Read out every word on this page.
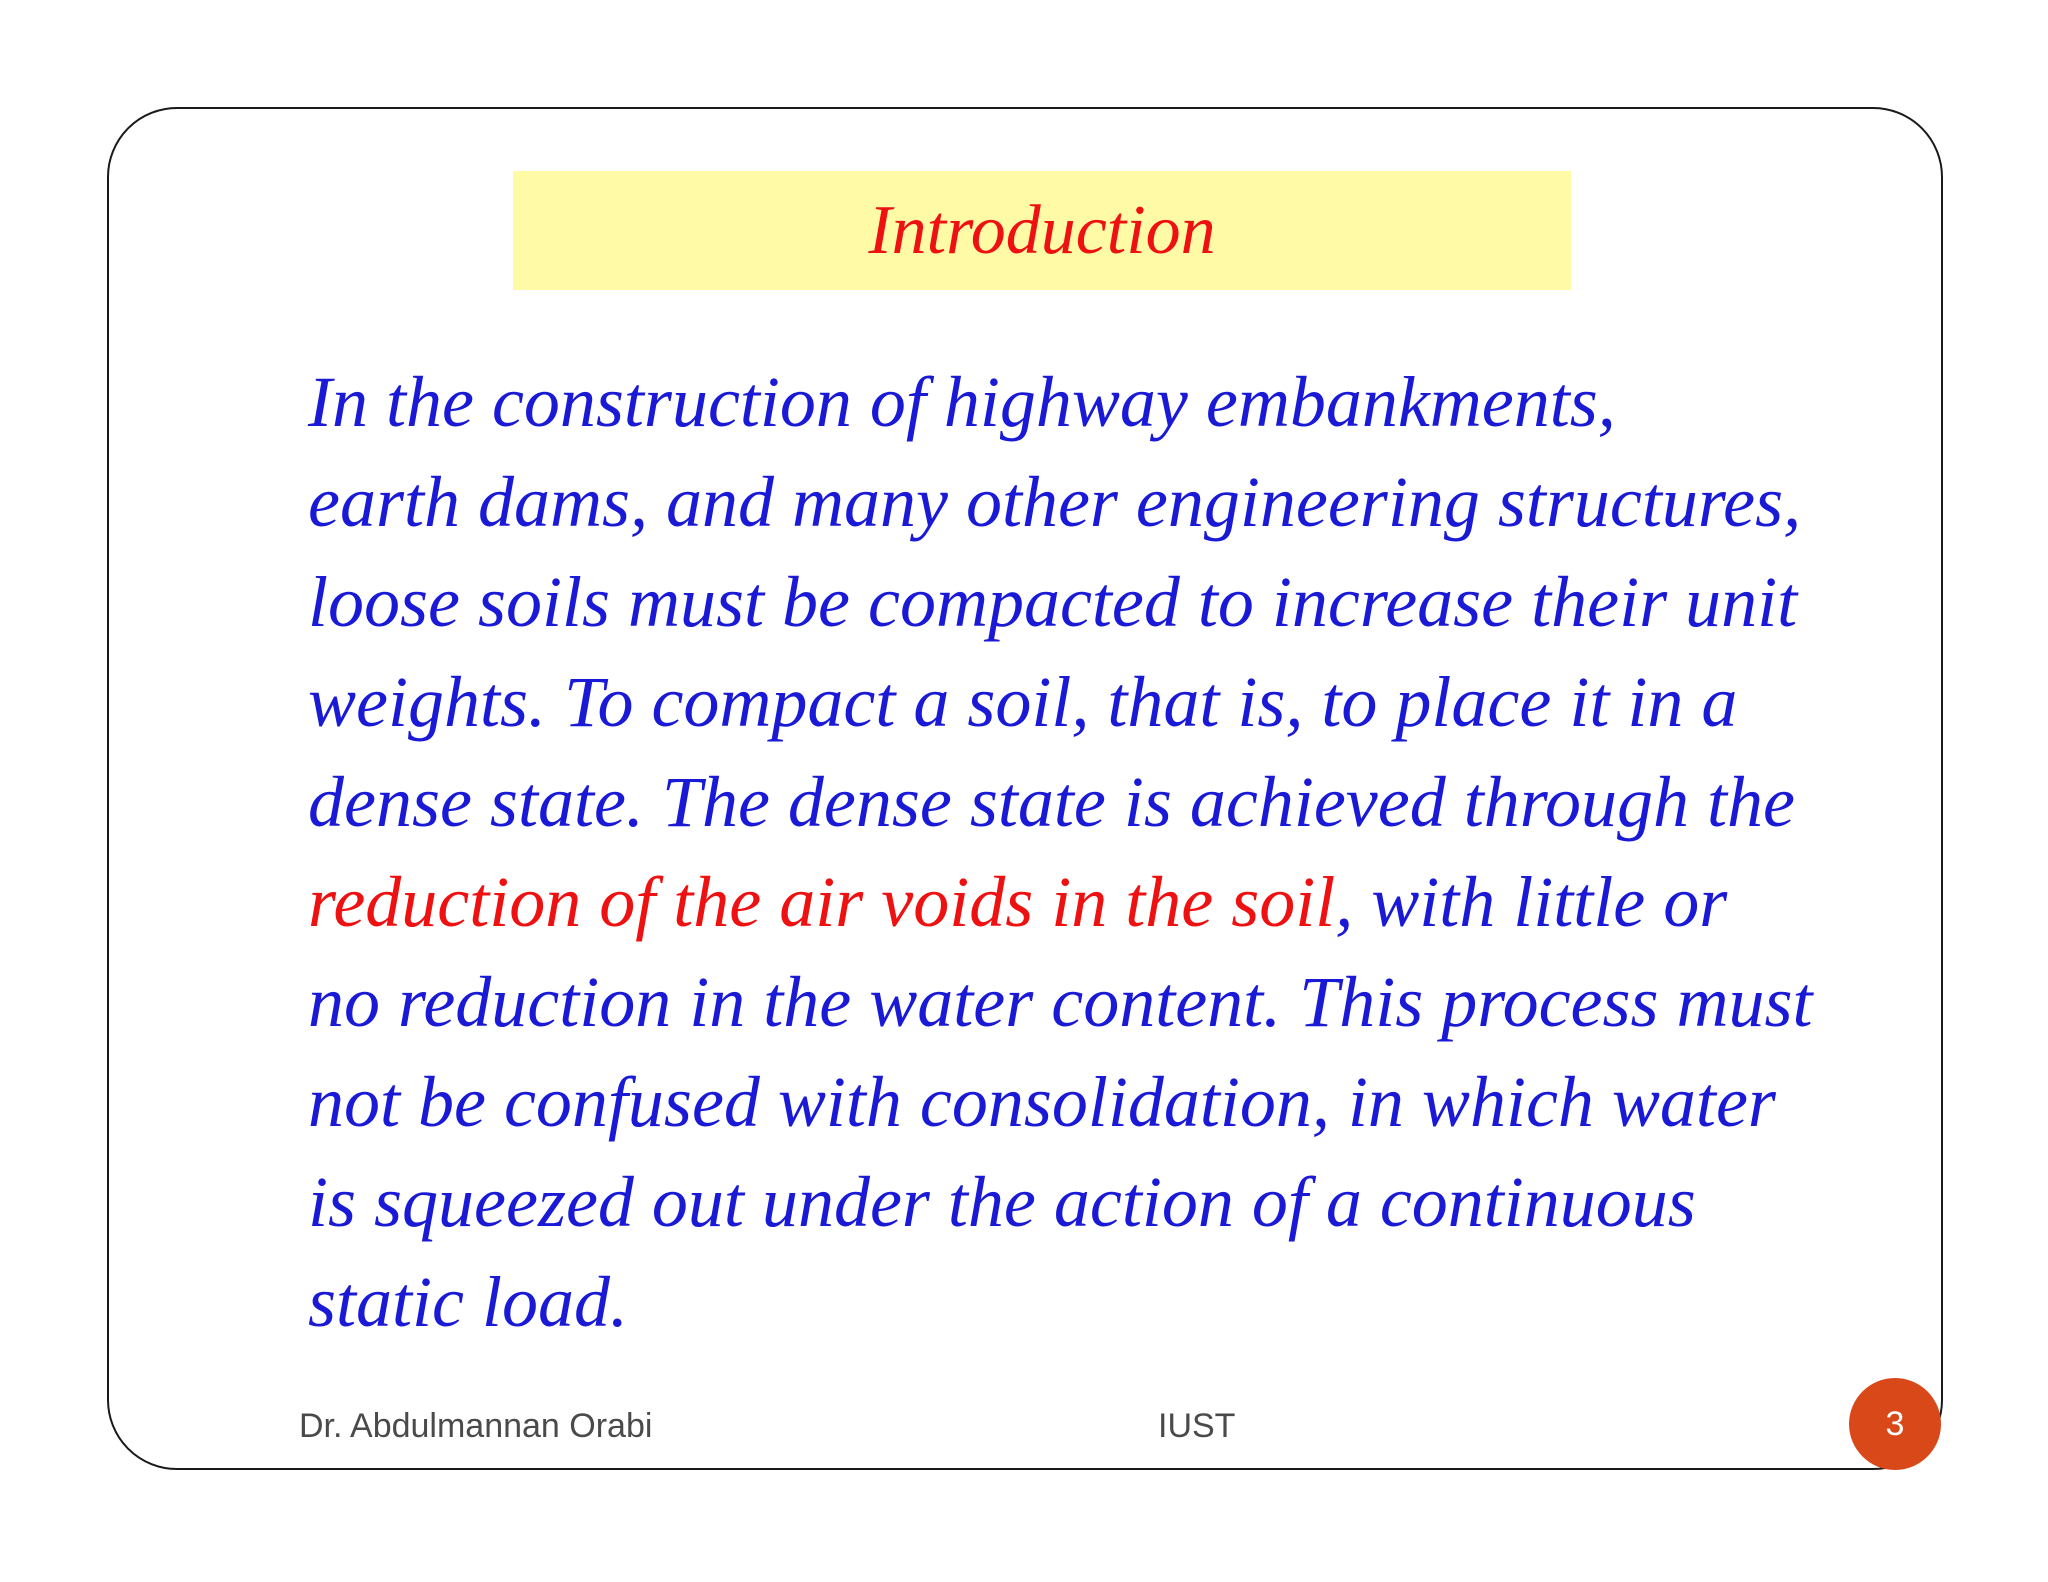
Introduction

In the construction of highway embankments,
earth dams, and many other engineering structures,
loose soils must be compacted to increase their unit
weights. To compact a soil, that is, to place it in a
dense state. The dense state is achieved through the
reduction of the air voids in the soil, with little or
no reduction in the water content. This process must
not be confused with consolidation, in which water
is squeezed out under the action of a continuous
static load.

Dr. Abdulmannan Orabi	IUST	3
